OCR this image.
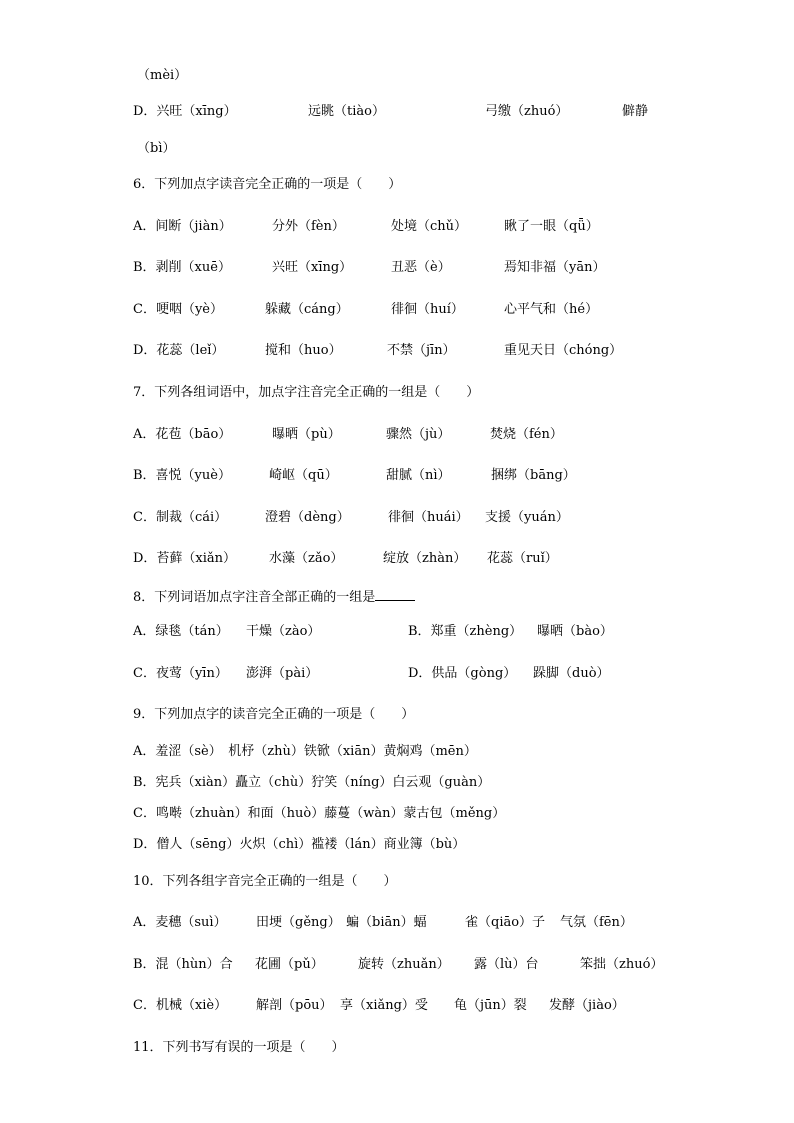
（mèi）
D．兴旺（xīng）	远眺（tiào）	弓缴（zhuó）	僻静
（bì）
6．下列加点字读音完全正确的一项是（　　）
A．间断（jiàn）	分外（fèn）	处境（chǔ）	瞅了一眼（qǖ）
B．剥削（xuē）	兴旺（xīng）	丑恶（è）	焉知非福（yān）
C．哽咽（yè）	躲藏（cáng）	徘徊（huí）	心平气和（hé）
D．花蕊（leǐ）	搅和（huo）	不禁（jīn）	重见天日（chóng）
7．下列各组词语中，加点字注音完全正确的一组是（　　）
A．花苞（bāo）	曝晒（pù）	骤然（jù）	焚烧（fén）
B．喜悦（yuè）	崎岖（qū）	甜腻（nì）	捆绑（bāng）
C．制裁（cái）	澄碧（dèng）	徘徊（huái） 支援（yuán）
D．苔藓（xiǎn）	水藻（zǎo）	绽放（zhàn） 花蕊（ruǐ）
8．下列词语加点字注音全部正确的一组是
A．绿毯（tán） 干燥（zào）	B．郑重（zhèng） 曝晒（bào）
C．夜莺（yīn） 澎湃（pài）	D．供品（gòng） 跺脚（duò）
9．下列加点字的读音完全正确的一项是（　　）
A．羞涩（sè）　机杼（zhù）铁锨（xiān）黄焖鸡（mēn）
B．宪兵（xiàn）矗立（chù）狞笑（níng）白云观（guàn）
C．鸣啭（zhuàn）和面（huò）藤蔓（wàn）蒙古包（měng）
D．僧人（sēng）火炽（chì）褴褛（lán）商业簿（bù）
10．下列各组字音完全正确的一组是（　　）
A．麦穗（suì） 田埂（gěng） 蝙（biān）蝠	雀（qiāo）子 气氛（fēn）
B．混（hùn）合 花圃（pǔ）	旋转（zhuǎn） 露（lù）台	笨拙（zhuó）
C．机械（xiè） 解剖（pōu） 享（xiǎng）受 龟（jūn）裂 发酵（jiào）
11．下列书写有误的一项是（　　）
